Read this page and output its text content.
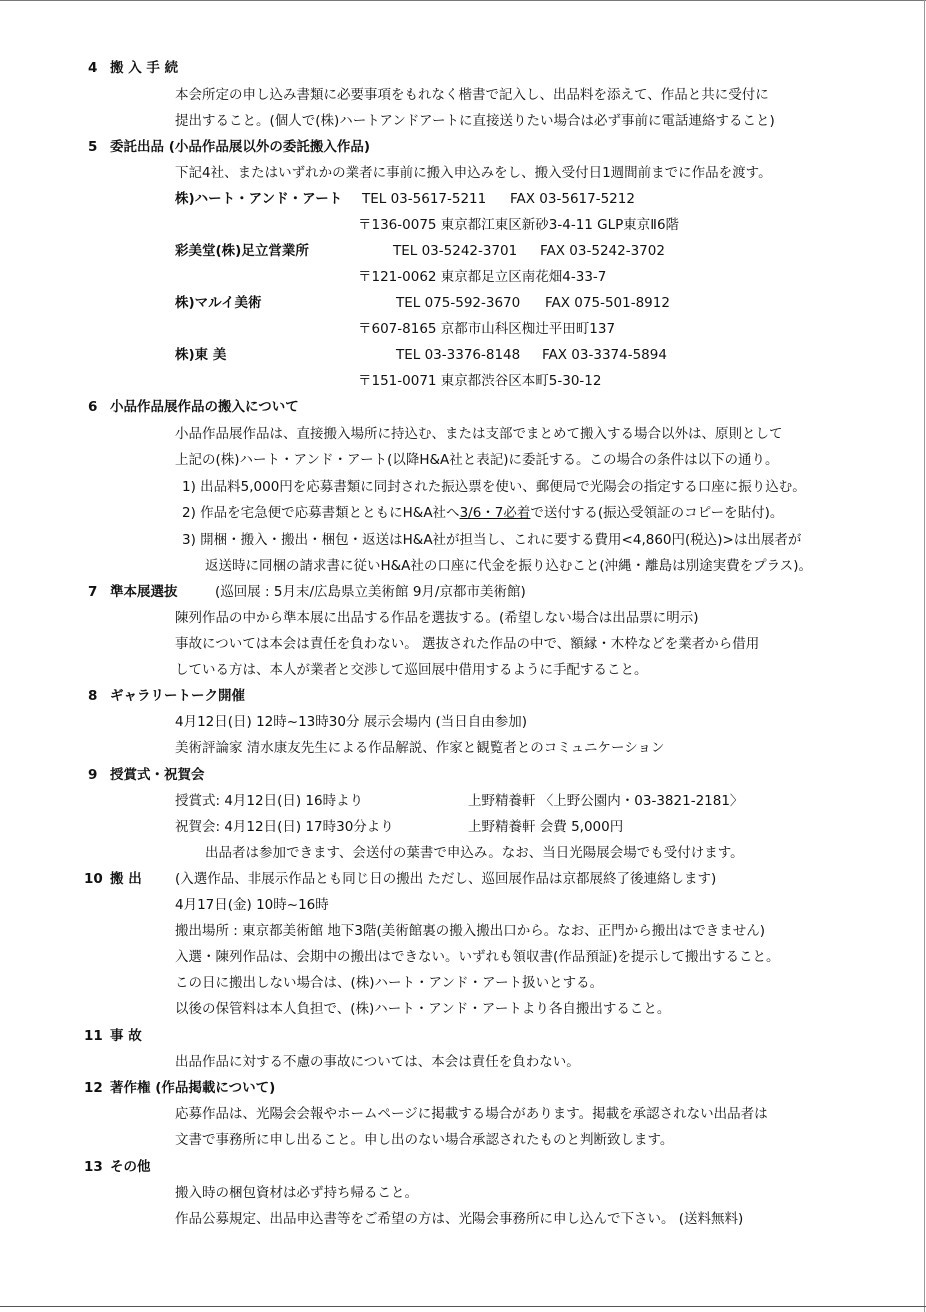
4 搬 入 手 続
本会所定の申し込み書類に必要事項をもれなく楷書で記入し、出品料を添えて、作品と共に受付に
提出すること。(個人で(株)ハートアンドアートに直接送りたい場合は必ず事前に電話連絡すること)
5 委託出品 (小品作品展以外の委託搬入作品)
下記4社、またはいずれかの業者に事前に搬入申込みをし、搬入受付日1週間前までに作品を渡す。
株)ハート・アンド・アート TEL 03-5617-5211 FAX 03-5617-5212
〒136-0075 東京都江東区新砂3-4-11 GLP東京Ⅱ6階
彩美堂(株)足立営業所	TEL 03-5242-3701 FAX 03-5242-3702
〒121-0062 東京都足立区南花畑4-33-7
株)マルイ美術	TEL 075-592-3670 FAX 075-501-8912
〒607-8165 京都市山科区椥辻平田町137
株)東 美	TEL 03-3376-8148 FAX 03-3374-5894
〒151-0071 東京都渋谷区本町5-30-12
6 小品作品展作品の搬入について
小品作品展作品は、直接搬入場所に持込む、または支部でまとめて搬入する場合以外は、原則として
上記の(株)ハート・アンド・アート(以降H&A社と表記)に委託する。この場合の条件は以下の通り。
1) 出品料5,000円を応募書類に同封された振込票を使い、郵便局で光陽会の指定する口座に振り込む。
2) 作品を宅急便で応募書類とともにH&A社へ3/6・7必着で送付する(振込受領証のコピーを貼付)。
3) 開梱・搬入・搬出・梱包・返送はH&A社が担当し、これに要する費用<4,860円(税込)>は出展者が
返送時に同梱の請求書に従いH&A社の口座に代金を振り込むこと(沖縄・離島は別途実費をプラス)。
7 準本展選抜	(巡回展 : 5月末/広島県立美術館 9月/京都市美術館)
陳列作品の中から準本展に出品する作品を選抜する。(希望しない場合は出品票に明示)
事故については本会は責任を負わない。 選抜された作品の中で、額縁・木枠などを業者から借用
している方は、本人が業者と交渉して巡回展中借用するように手配すること。
8 ギャラリートーク開催
4月12日(日) 12時~13時30分 展示会場内 (当日自由参加)
美術評論家 清水康友先生による作品解説、作家と観覧者とのコミュニケーション
9 授賞式・祝賀会
授賞式: 4月12日(日) 16時より	上野精養軒 〈上野公園内・03-3821-2181〉
祝賀会: 4月12日(日) 17時30分より	上野精養軒 会費 5,000円
出品者は参加できます、会送付の葉書で申込み。なお、当日光陽展会場でも受付けます。
10 搬 出 (入選作品、非展示作品とも同じ日の搬出 ただし、巡回展作品は京都展終了後連絡します)
4月17日(金) 10時~16時
搬出場所 : 東京都美術館 地下3階(美術館裏の搬入搬出口から。なお、正門から搬出はできません)
入選・陳列作品は、会期中の搬出はできない。いずれも領収書(作品預証)を提示して搬出すること。
この日に搬出しない場合は、(株)ハート・アンド・アート扱いとする。
以後の保管料は本人負担で、(株)ハート・アンド・アートより各自搬出すること。
11 事 故
出品作品に対する不慮の事故については、本会は責任を負わない。
12 著作権 (作品掲載について)
応募作品は、光陽会会報やホームページに掲載する場合があります。掲載を承認されない出品者は
文書で事務所に申し出ること。申し出のない場合承認されたものと判断致します。
13 その他
搬入時の梱包資材は必ず持ち帰ること。
作品公募規定、出品申込書等をご希望の方は、光陽会事務所に申し込んで下さい。 (送料無料)
